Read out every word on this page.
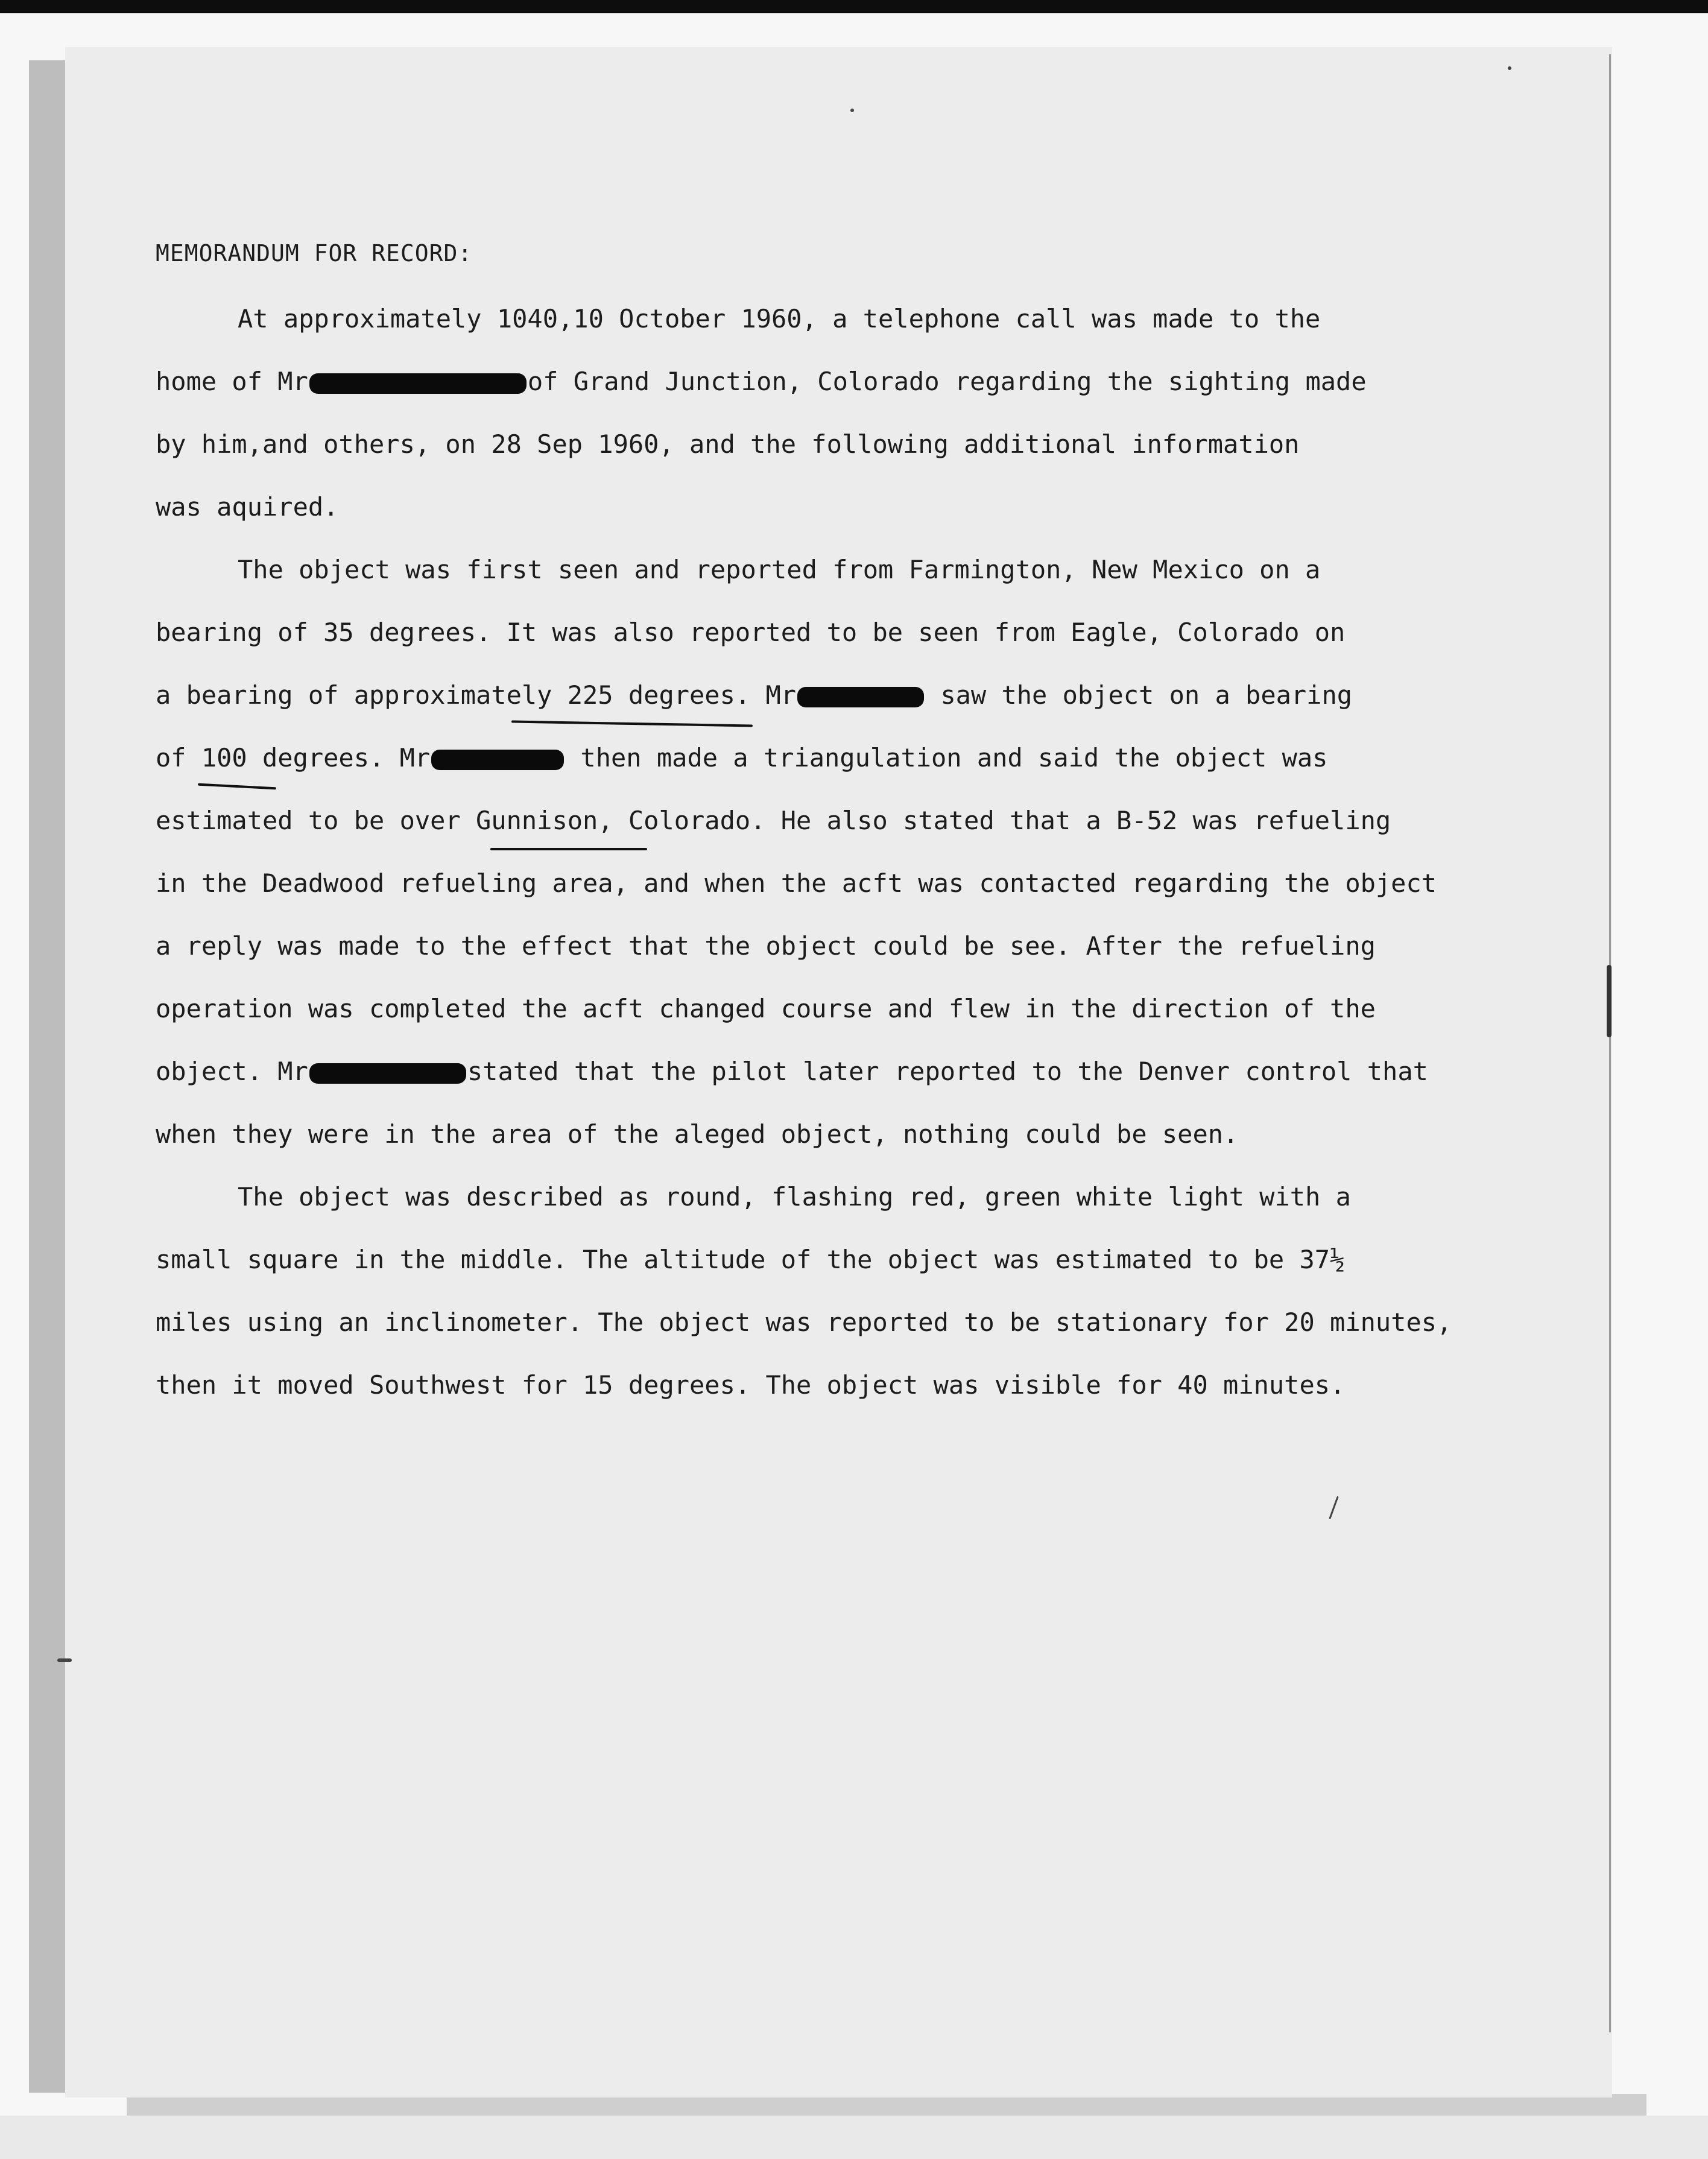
MEMORANDUM FOR RECORD:
At approximately 1040,10 October 1960, a telephone call was made to the
home of Mr	of Grand Junction, Colorado regarding the sighting made
by him,and others, on 28 Sep 1960, and the following additional information
was aquired.
The object was first seen and reported from Farmington, New Mexico on a
bearing of 35 degrees. It was also reported to be seen from Eagle, Colorado on
a bearing of approximately 225 degrees. Mr	saw the object on a bearing
of 100 degrees. Mr	then made a triangulation and said the object was
estimated to be over Gunnison, Colorado. He also stated that a B-52 was refueling
in the Deadwood refueling area, and when the acft was contacted regarding the object
a reply was made to the effect that the object could be see. After the refueling
operation was completed the acft changed course and flew in the direction of the
object. Mr	stated that the pilot later reported to the Denver control that
when they were in the area of the aleged object, nothing could be seen.
The object was described as round, flashing red, green white light with a
small square in the middle. The altitude of the object was estimated to be 37½
miles using an inclinometer. The object was reported to be stationary for 20 minutes,
then it moved Southwest for 15 degrees. The object was visible for 40 minutes.
